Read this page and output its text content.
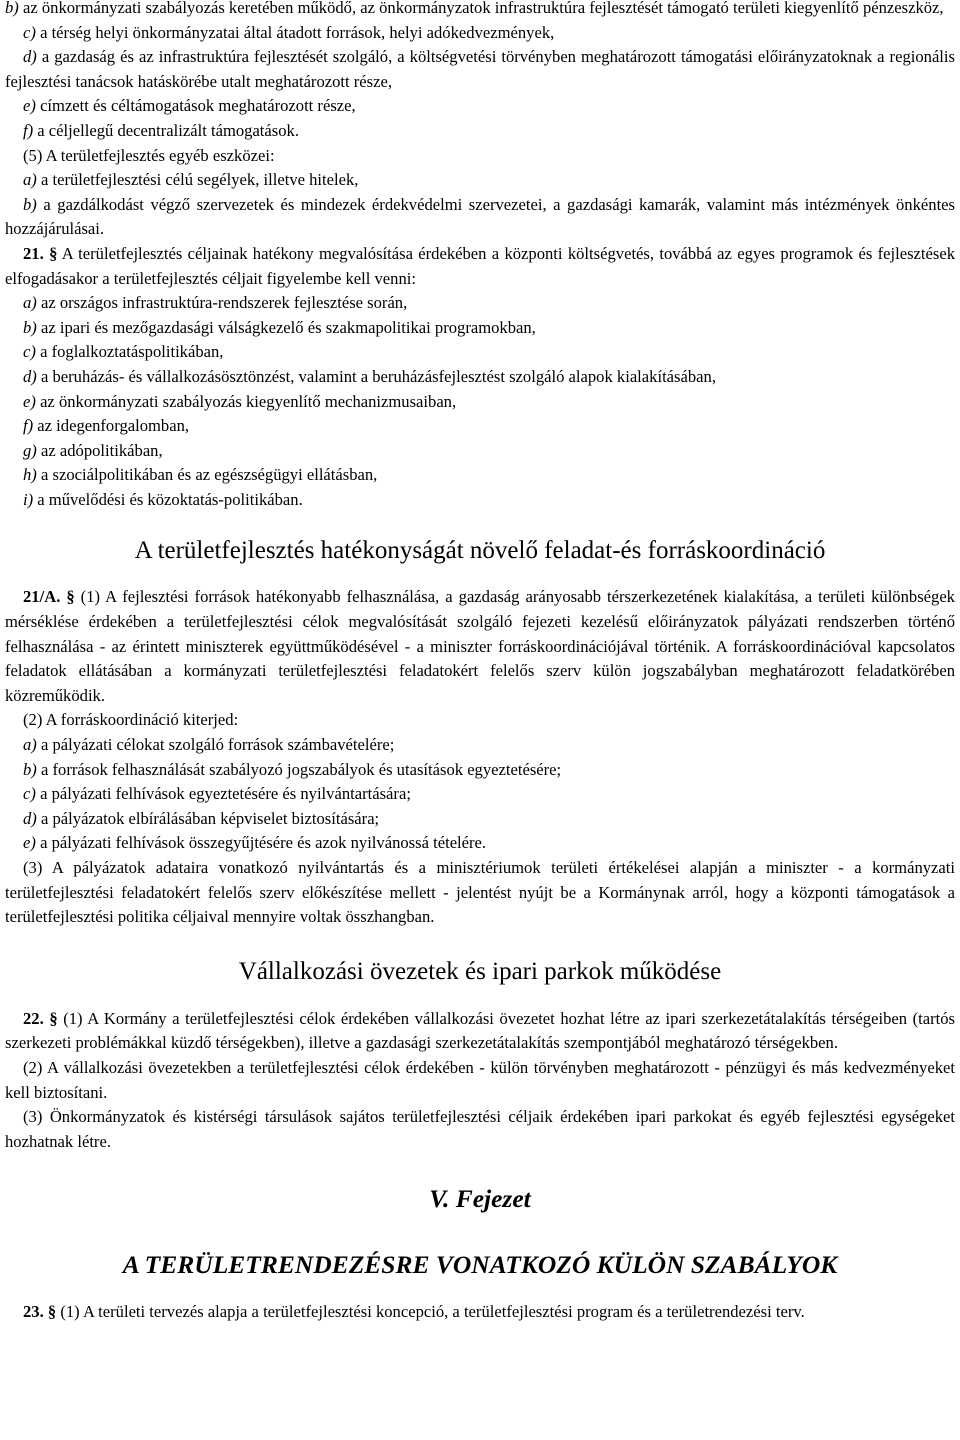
b) az önkormányzati szabályozás keretében működő, az önkormányzatok infrastruktúra fejlesztését támogató területi kiegyenlítő pénzeszköz,

c) a térség helyi önkormányzatai által átadott források, helyi adókedvezmények,

d) a gazdaság és az infrastruktúra fejlesztését szolgáló, a költségvetési törvényben meghatározott támogatási előirányzatoknak a regionális fejlesztési tanácsok hatáskörébe utalt meghatározott része,

e) címzett és céltámogatások meghatározott része,

f) a céljellegű decentralizált támogatások.

(5) A területfejlesztés egyéb eszközei:

a) a területfejlesztési célú segélyek, illetve hitelek,

b) a gazdálkodást végző szervezetek és mindezek érdekvédelmi szervezetei, a gazdasági kamarák, valamint más intézmények önkéntes hozzájárulásai.

21. § A területfejlesztés céljainak hatékony megvalósítása érdekében a központi költségvetés, továbbá az egyes programok és fejlesztések elfogadásakor a területfejlesztés céljait figyelembe kell venni:

a) az országos infrastruktúra-rendszerek fejlesztése során,

b) az ipari és mezőgazdasági válságkezelő és szakmapolitikai programokban,

c) a foglalkoztatáspolitikában,

d) a beruházás- és vállalkozásösztönzést, valamint a beruházásfejlesztést szolgáló alapok kialakításában,

e) az önkormányzati szabályozás kiegyenlítő mechanizmusaiban,

f) az idegenforgalomban,

g) az adópolitikában,

h) a szociálpolitikában és az egészségügyi ellátásban,

i) a művelődési és közoktatás-politikában.

A területfejlesztés hatékonyságát növelő feladat-és forráskoordináció

21/A. § (1) A fejlesztési források hatékonyabb felhasználása, a gazdaság arányosabb térszerkezetének kialakítása, a területi különbségek mérséklése érdekében a területfejlesztési célok megvalósítását szolgáló fejezeti kezelésű előirányzatok pályázati rendszerben történő felhasználása - az érintett miniszterek együttműködésével - a miniszter forráskoordinációjával történik. A forráskoordinációval kapcsolatos feladatok ellátásában a kormányzati területfejlesztési feladatokért felelős szerv külön jogszabályban meghatározott feladatkörében közreműködik.

(2) A forráskoordináció kiterjed:

a) a pályázati célokat szolgáló források számbavételére;

b) a források felhasználását szabályozó jogszabályok és utasítások egyeztetésére;

c) a pályázati felhívások egyeztetésére és nyilvántartására;

d) a pályázatok elbírálásában képviselet biztosítására;

e) a pályázati felhívások összegyűjtésére és azok nyilvánossá tételére.

(3) A pályázatok adataira vonatkozó nyilvántartás és a minisztériumok területi értékelései alapján a miniszter - a kormányzati területfejlesztési feladatokért felelős szerv előkészítése mellett - jelentést nyújt be a Kormánynak arról, hogy a központi támogatások a területfejlesztési politika céljaival mennyire voltak összhangban.

Vállalkozási övezetek és ipari parkok működése

22. § (1) A Kormány a területfejlesztési célok érdekében vállalkozási övezetet hozhat létre az ipari szerkezetátalakítás térségeiben (tartós szerkezeti problémákkal küzdő térségekben), illetve a gazdasági szerkezetátalakítás szempontjából meghatározó térségekben.

(2) A vállalkozási övezetekben a területfejlesztési célok érdekében - külön törvényben meghatározott - pénzügyi és más kedvezményeket kell biztosítani.

(3) Önkormányzatok és kistérségi társulások sajátos területfejlesztési céljaik érdekében ipari parkokat és egyéb fejlesztési egységeket hozhatnak létre.

V. Fejezet
A TERÜLETRENDEZÉSRE VONATKOZÓ KÜLÖN SZABÁLYOK

23. § (1) A területi tervezés alapja a területfejlesztési koncepció, a területfejlesztési program és a területrendezési terv.
